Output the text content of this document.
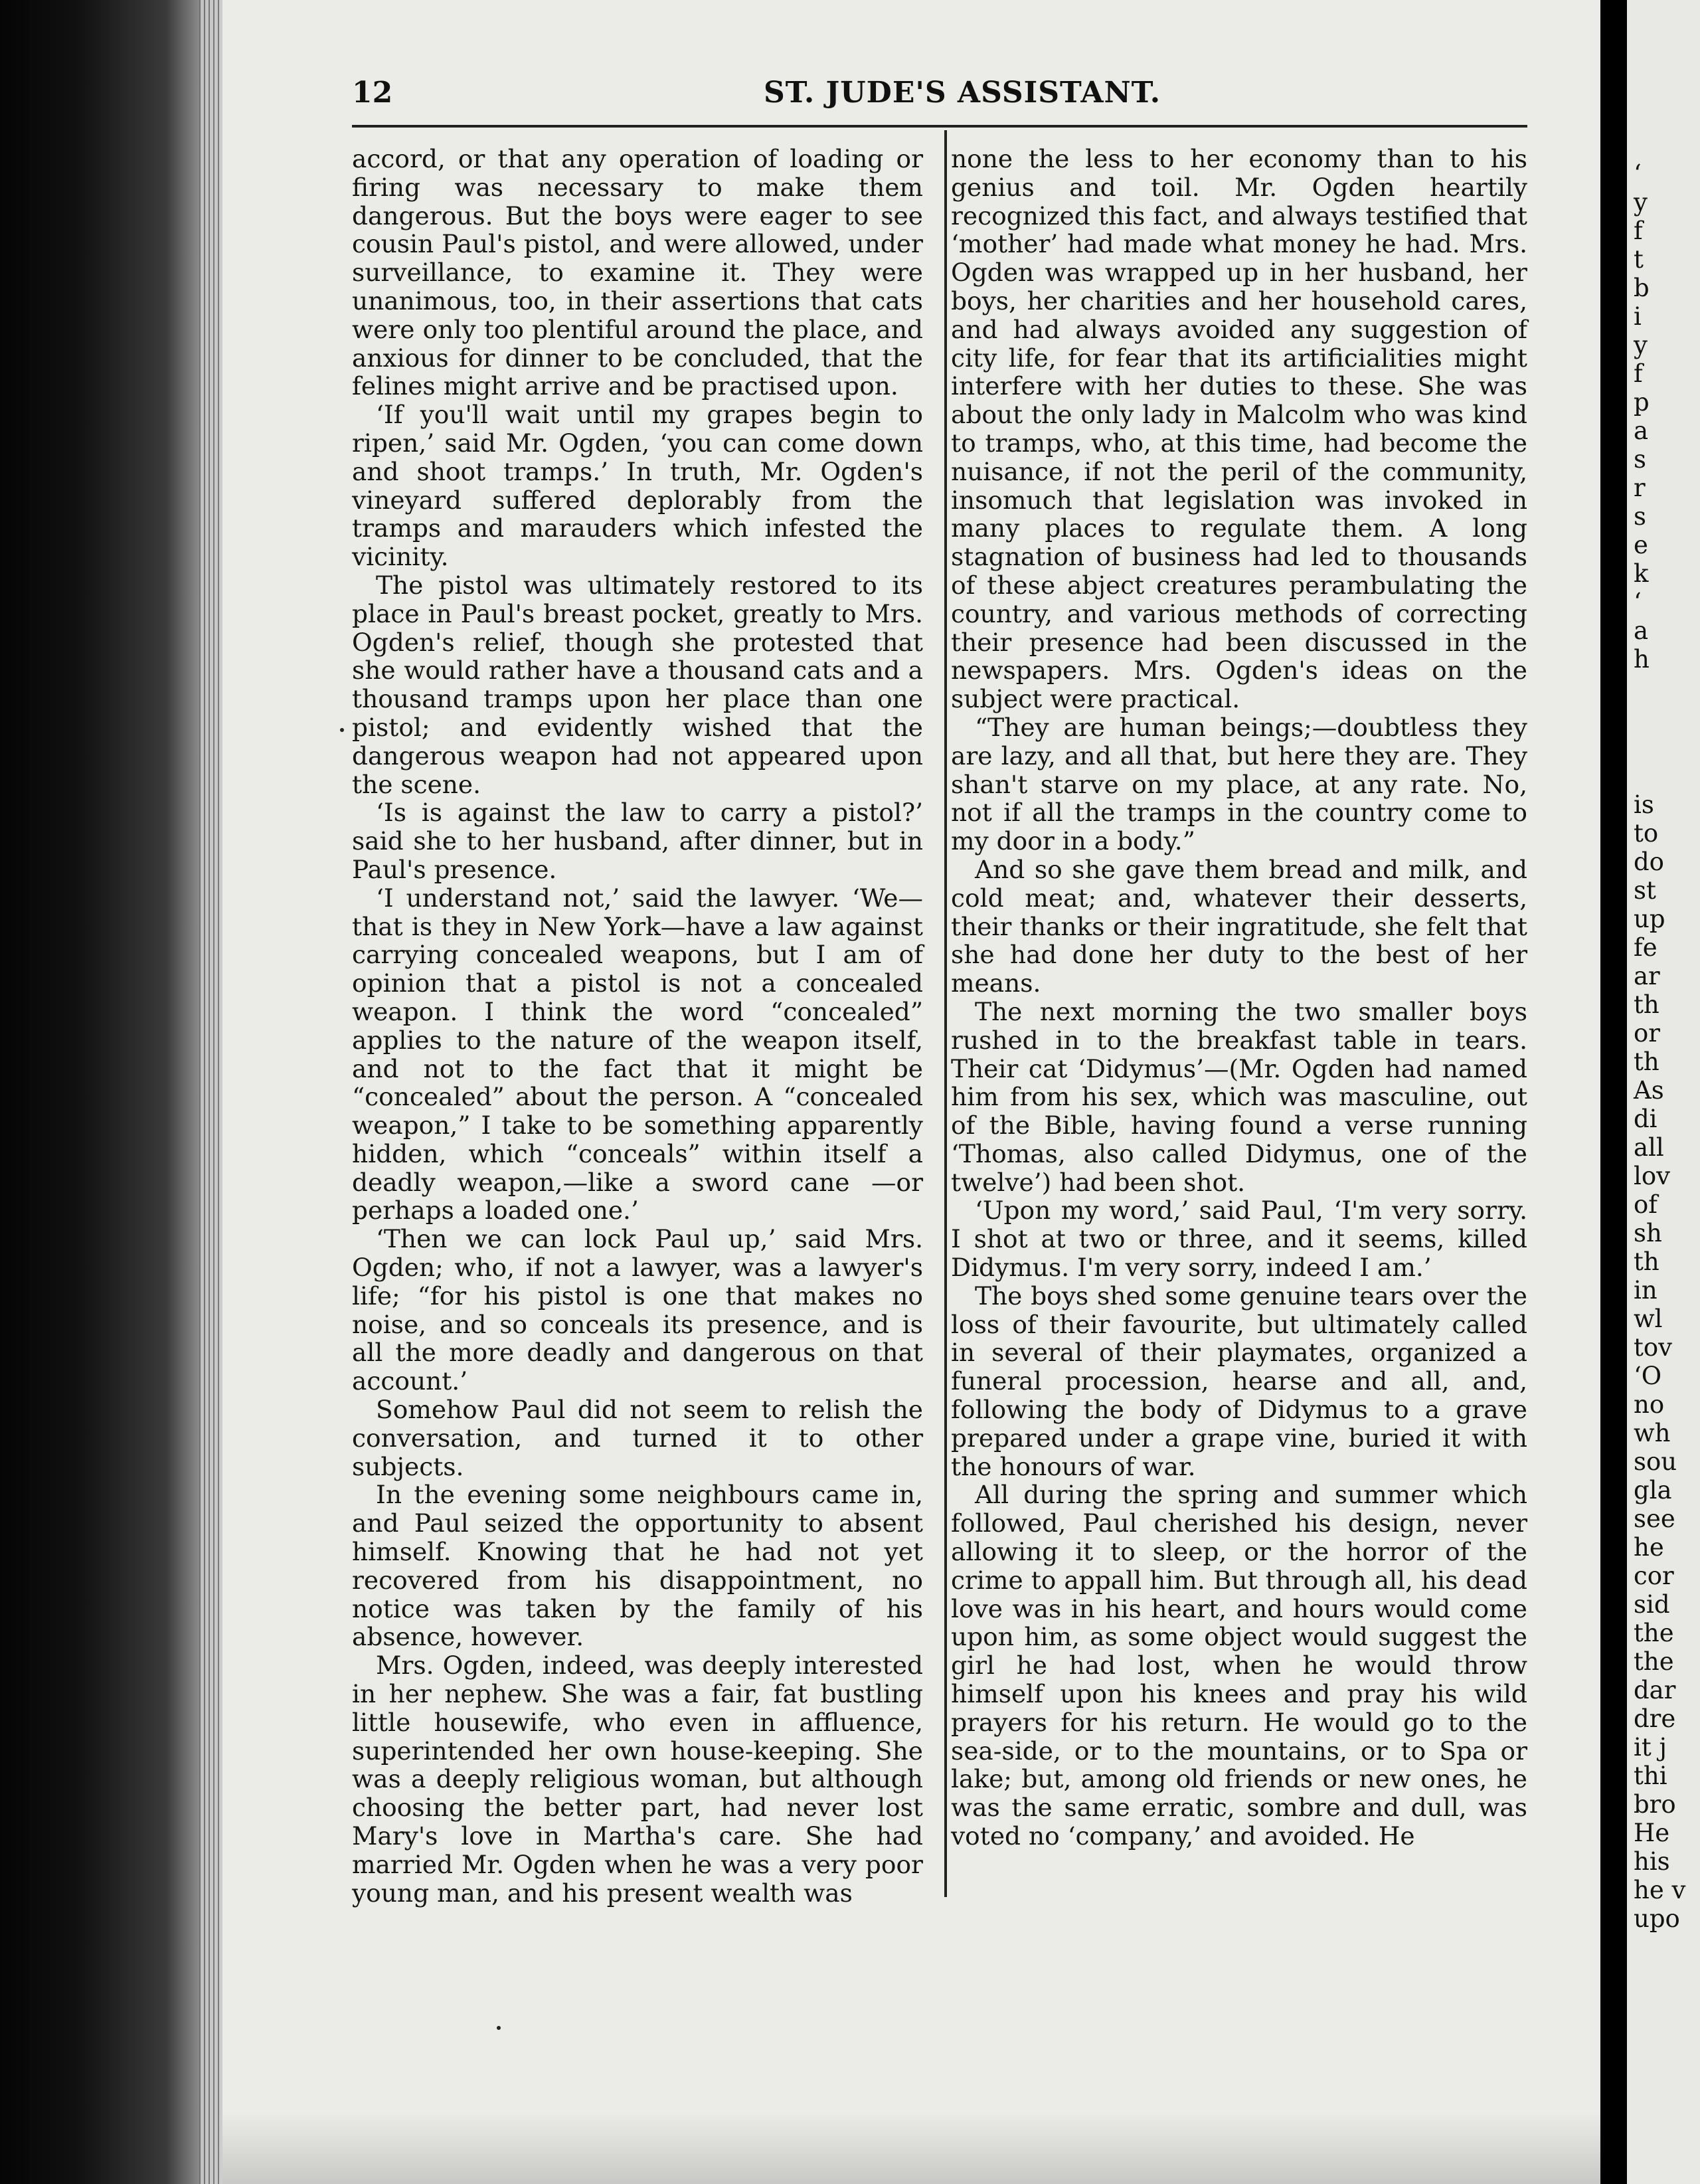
12	ST. JUDE'S ASSISTANT.

accord, or that any operation of loading or firing was necessary to make them dangerous. But the boys were eager to see cousin Paul's pistol, and were allowed, under surveillance, to examine it. They were unanimous, too, in their assertions that cats were only too plentiful around the place, and anxious for dinner to be concluded, that the felines might arrive and be practised upon.

‘If you'll wait until my grapes begin to ripen,’ said Mr. Ogden, ‘you can come down and shoot tramps.’ In truth, Mr. Ogden's vineyard suffered deplorably from the tramps and marauders which infested the vicinity.

The pistol was ultimately restored to its place in Paul's breast pocket, greatly to Mrs. Ogden's relief, though she protested that she would rather have a thousand cats and a thousand tramps upon her place than one pistol; and evidently wished that the dangerous weapon had not appeared upon the scene.

‘Is is against the law to carry a pistol?’ said she to her husband, after dinner, but in Paul's presence.

‘I understand not,’ said the lawyer. ‘We—that is they in New York—have a law against carrying concealed weapons, but I am of opinion that a pistol is not a concealed weapon. I think the word “concealed” applies to the nature of the weapon itself, and not to the fact that it might be “concealed” about the person. A “concealed weapon,” I take to be something apparently hidden, which “conceals” within itself a deadly weapon,—like a sword cane —or perhaps a loaded one.’

‘Then we can lock Paul up,’ said Mrs. Ogden; who, if not a lawyer, was a lawyer's life; “for his pistol is one that makes no noise, and so conceals its presence, and is all the more deadly and dangerous on that account.’

Somehow Paul did not seem to relish the conversation, and turned it to other subjects.

In the evening some neighbours came in, and Paul seized the opportunity to absent himself. Knowing that he had not yet recovered from his disappointment, no notice was taken by the family of his absence, however.

Mrs. Ogden, indeed, was deeply interested in her nephew. She was a fair, fat bustling little housewife, who even in affluence, superintended her own house-keeping. She was a deeply religious woman, but although choosing the better part, had never lost Mary's love in Martha's care. She had married Mr. Ogden when he was a very poor young man, and his present wealth was

none the less to her economy than to his genius and toil. Mr. Ogden heartily recognized this fact, and always testified that ‘mother’ had made what money he had. Mrs. Ogden was wrapped up in her husband, her boys, her charities and her household cares, and had always avoided any suggestion of city life, for fear that its artificialities might interfere with her duties to these. She was about the only lady in Malcolm who was kind to tramps, who, at this time, had become the nuisance, if not the peril of the community, insomuch that legislation was invoked in many places to regulate them. A long stagnation of business had led to thousands of these abject creatures perambulating the country, and various methods of correcting their presence had been discussed in the newspapers. Mrs. Ogden's ideas on the subject were practical.

“They are human beings;—doubtless they are lazy, and all that, but here they are. They shan't starve on my place, at any rate. No, not if all the tramps in the country come to my door in a body.”

And so she gave them bread and milk, and cold meat; and, whatever their desserts, their thanks or their ingratitude, she felt that she had done her duty to the best of her means.

The next morning the two smaller boys rushed in to the breakfast table in tears. Their cat ‘Didymus’—(Mr. Ogden had named him from his sex, which was masculine, out of the Bible, having found a verse running ‘Thomas, also called Didymus, one of the twelve’) had been shot.

‘Upon my word,’ said Paul, ‘I'm very sorry. I shot at two or three, and it seems, killed Didymus. I'm very sorry, indeed I am.’

The boys shed some genuine tears over the loss of their favourite, but ultimately called in several of their playmates, organized a funeral procession, hearse and all, and, following the body of Didymus to a grave prepared under a grape vine, buried it with the honours of war.

All during the spring and summer which followed, Paul cherished his design, never allowing it to sleep, or the horror of the crime to appall him. But through all, his dead love was in his heart, and hours would come upon him, as some object would suggest the girl he had lost, when he would throw himself upon his knees and pray his wild prayers for his return. He would go to the sea-side, or to the mountains, or to Spa or lake; but, among old friends or new ones, he was the same erratic, sombre and dull, was voted no ‘company,’ and avoided. He

‘
y
f
t
b
i
y
f
p
a
s
r
s
e
k
‘
a
h
is
to
do
st
up
fe
ar
th
or
th
As
di
all
lov
of
sh
th
in
wl
tov
‘O
no
wh
sou
gla
see
he
cor
sid
the
the
dar
dre
it j
thi
bro
He
his
he v
upo
